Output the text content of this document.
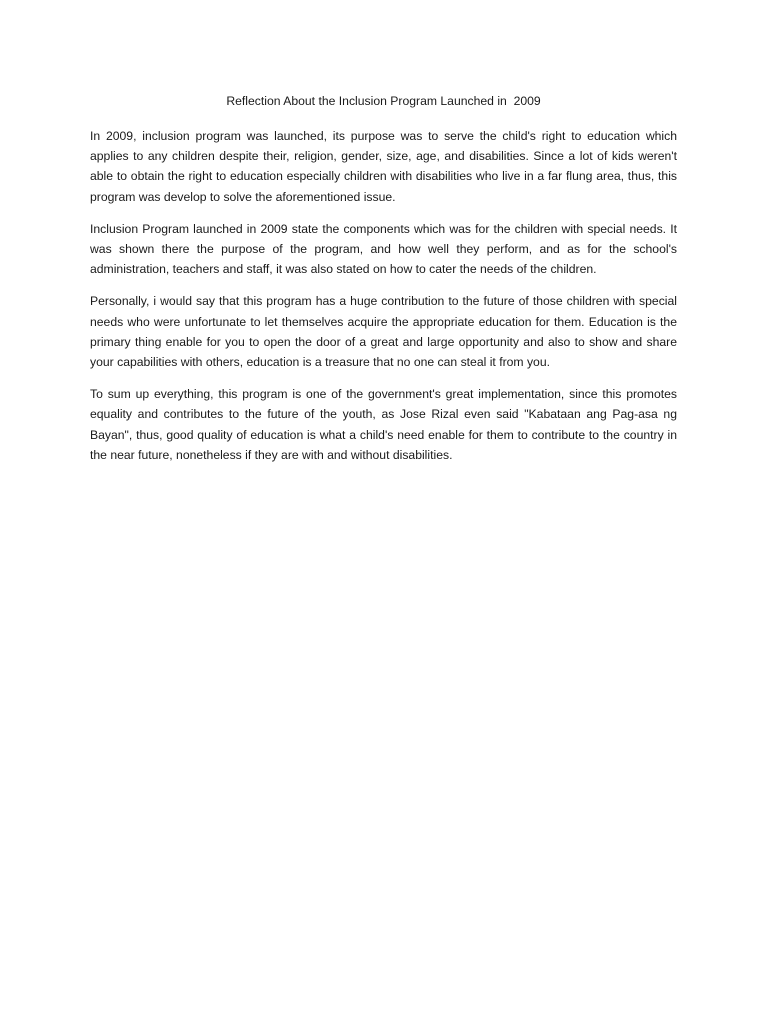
Reflection About the Inclusion Program Launched in  2009

In 2009, inclusion program was launched, its purpose was to serve the child's right to education which applies to any children despite their, religion, gender, size, age, and disabilities. Since a lot of kids weren't able to obtain the right to education especially children with disabilities who live in a far flung area, thus, this program was develop to solve the aforementioned issue.

Inclusion Program launched in 2009 state the components which was for the children with special needs. It was shown there the purpose of the program, and how well they perform, and as for the school's administration, teachers and staff, it was also stated on how to cater the needs of the children.

Personally, i would say that this program has a huge contribution to the future of those children with special needs who were unfortunate to let themselves acquire the appropriate education for them. Education is the primary thing enable for you to open the door of a great and large opportunity and also to show and share your capabilities with others, education is a treasure that no one can steal it from you.

To sum up everything, this program is one of the government's great implementation, since this promotes equality and contributes to the future of the youth, as Jose Rizal even said "Kabataan ang Pag-asa ng Bayan", thus, good quality of education is what a child's need enable for them to contribute to the country in the near future, nonetheless if they are with and without disabilities.
